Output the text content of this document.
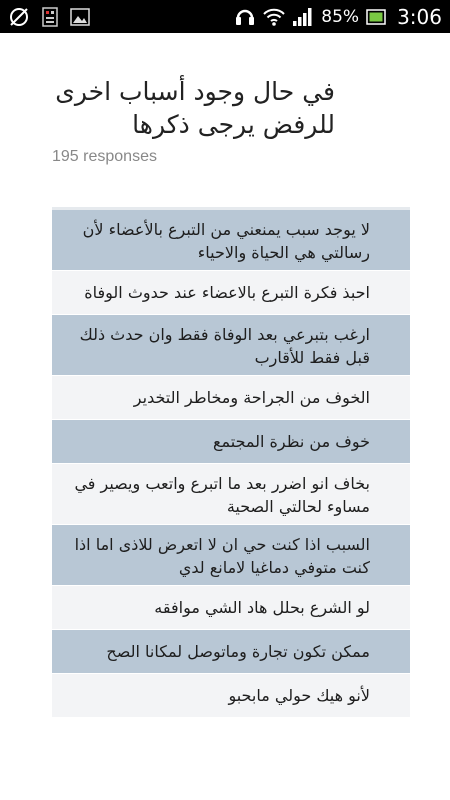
85% 3:06
في حال وجود أسباب اخرى للرفض يرجى ذكرها
195 responses
لا يوجد سبب يمنعني من التبرع بالأعضاء لأن رسالتي هي الحياة والاحياء
احبذ فكرة التبرع بالاعضاء عند حدوث الوفاة
ارغب بتبرعي بعد الوفاة فقط وان حدث ذلك قبل فقط للأقارب
الخوف من الجراحة ومخاطر التخدير
خوف من نظرة المجتمع
بخاف انو اضرر بعد ما اتبرع واتعب ويصير في مساوء لحالتي الصحية
السبب اذا كنت حي ان لا اتعرض للاذى اما اذا كنت متوفي دماغيا لامانع لدي
لو الشرع بحلل هاد الشي موافقه
ممكن تكون تجارة وماتوصل لمكانا الصح
لأنو هيك حولي مابحبو
